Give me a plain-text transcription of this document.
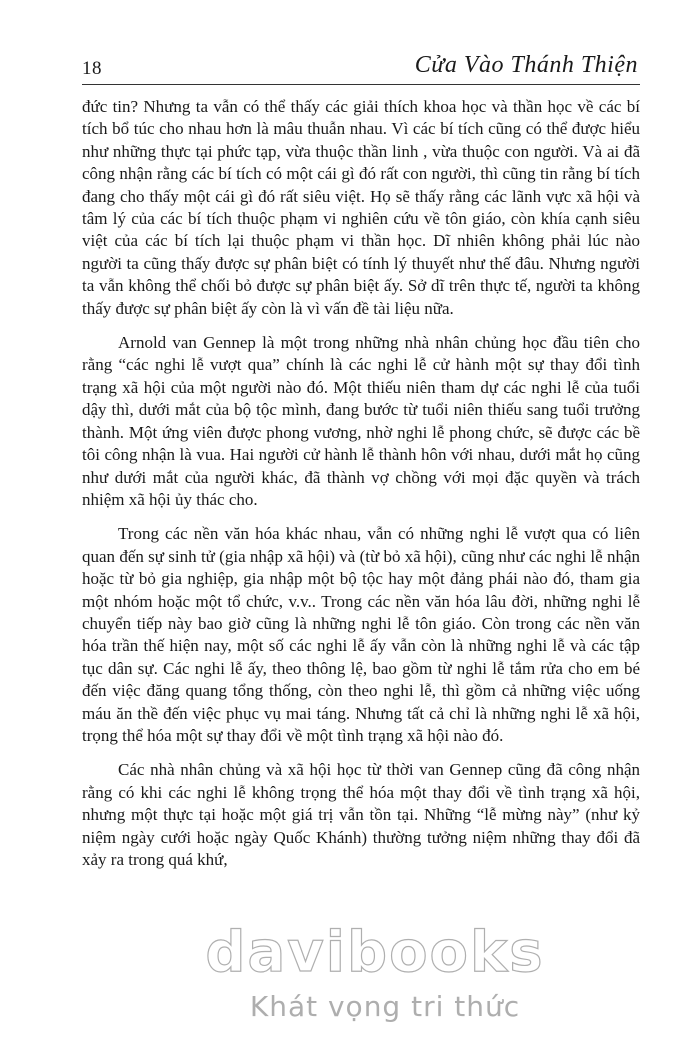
18	Cửa Vào Thánh Thiện

đức tin? Nhưng ta vẫn có thể thấy các giải thích khoa học và thần học về các bí tích bổ túc cho nhau hơn là mâu thuẫn nhau. Vì các bí tích cũng có thể được hiểu như những thực tại phức tạp, vừa thuộc thần linh , vừa thuộc con người. Và ai đã công nhận rằng các bí tích có một cái gì đó rất con người, thì cũng tin rằng bí tích đang cho thấy một cái gì đó rất siêu việt. Họ sẽ thấy rằng các lãnh vực xã hội và tâm lý của các bí tích thuộc phạm vi nghiên cứu về tôn giáo, còn khía cạnh siêu việt của các bí tích lại thuộc phạm vi thần học. Dĩ nhiên không phải lúc nào người ta cũng thấy được sự phân biệt có tính lý thuyết như thế đâu. Nhưng người ta vẫn không thể chối bỏ được sự phân biệt ấy. Sở dĩ trên thực tế, người ta không thấy được sự phân biệt ấy còn là vì vấn đề tài liệu nữa.

Arnold van Gennep là một trong những nhà nhân chủng học đầu tiên cho rằng “các nghi lễ vượt qua” chính là các nghi lễ cử hành một sự thay đổi tình trạng xã hội của một người nào đó. Một thiếu niên tham dự các nghi lễ của tuổi dậy thì, dưới mắt của bộ tộc mình, đang bước từ tuổi niên thiếu sang tuổi trưởng thành. Một ứng viên được phong vương, nhờ nghi lễ phong chức, sẽ được các bề tôi công nhận là vua. Hai người cử hành lễ thành hôn với nhau, dưới mắt họ cũng như dưới mắt của người khác, đã thành vợ chồng với mọi đặc quyền và trách nhiệm xã hội ủy thác cho.

Trong các nền văn hóa khác nhau, vẫn có những nghi lễ vượt qua có liên quan đến sự sinh tử (gia nhập xã hội) và (từ bỏ xã hội), cũng như các nghi lễ nhận hoặc từ bỏ gia nghiệp, gia nhập một bộ tộc hay một đảng phái nào đó, tham gia một nhóm hoặc một tổ chức, v.v.. Trong các nền văn hóa lâu đời, những nghi lễ chuyển tiếp này bao giờ cũng là những nghi lễ tôn giáo. Còn trong các nền văn hóa trần thế hiện nay, một số các nghi lễ ấy vẫn còn là những nghi lễ và các tập tục dân sự. Các nghi lễ ấy, theo thông lệ, bao gồm từ nghi lễ tắm rửa cho em bé đến việc đăng quang tổng thống, còn theo nghi lễ, thì gồm cả những việc uống máu ăn thề đến việc phục vụ mai táng. Nhưng tất cả chỉ là những nghi lễ xã hội, trọng thể hóa một sự thay đổi về một tình trạng xã hội nào đó.

Các nhà nhân chủng và xã hội học từ thời van Gennep cũng đã công nhận rằng có khi các nghi lễ không trọng thể hóa một thay đổi về tình trạng xã hội, nhưng một thực tại hoặc một giá trị vẫn tồn tại. Những “lễ mừng này” (như kỷ niệm ngày cưới hoặc ngày Quốc Khánh) thường tưởng niệm những thay đổi đã xảy ra trong quá khứ,

davibooks
Khát vọng tri thức
